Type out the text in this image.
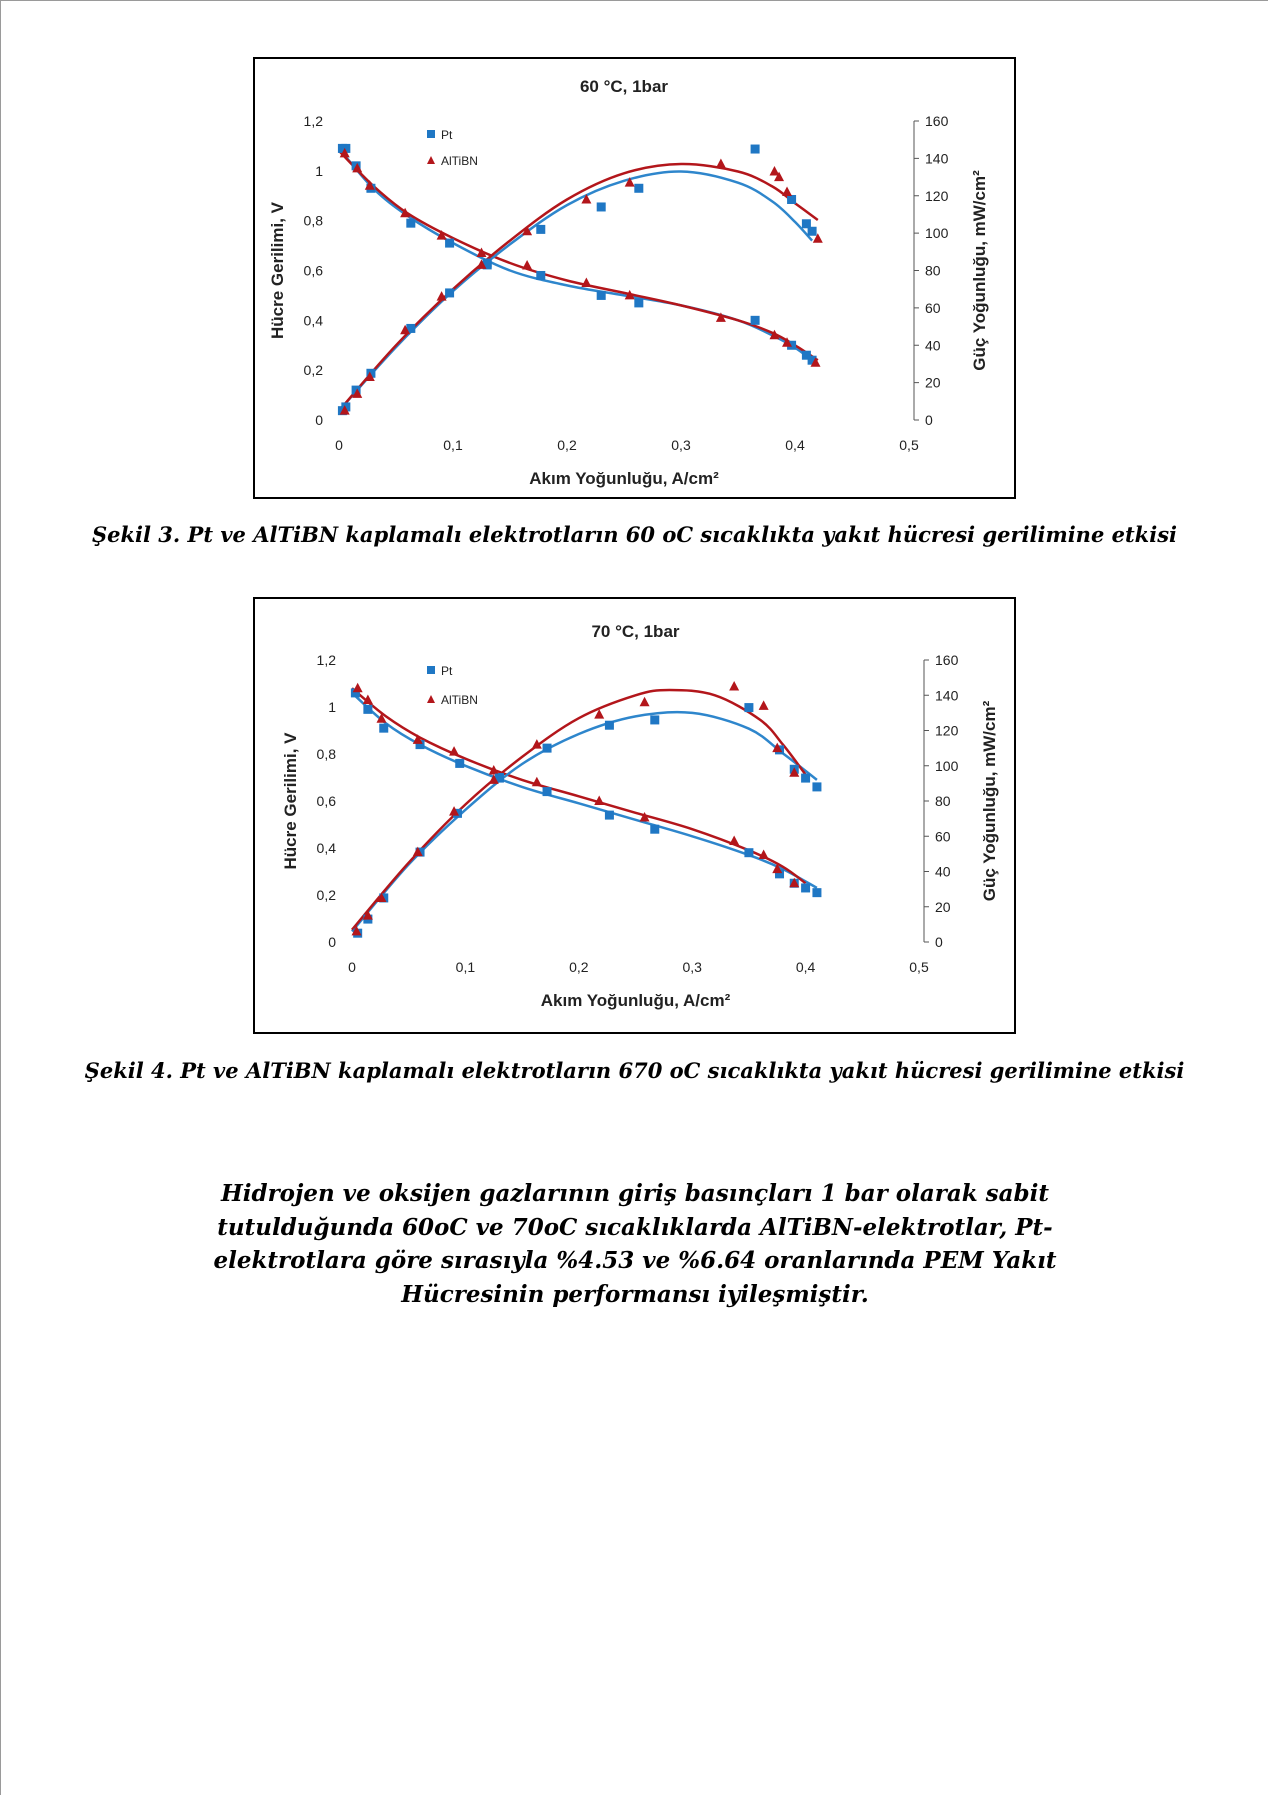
60 °C, 1bar
0	0,1	0,2	0,3	0,4	0,5
0
0,2
0,4
0,6
0,8
1
1,2
0
20
40
60
80
100
120
140
160
Akım Yoğunluğu, A/cm²
Hücre Gerilimi, V	Güç Yoğunluğu, mW/cm²
Pt
AlTiBN
Şekil 3. Pt ve AlTiBN kaplamalı elektrotların 60 oC sıcaklıkta yakıt hücresi gerilimine etkisi
70 °C, 1bar
0	0,1	0,2	0,3	0,4	0,5
0
0,2
0,4
0,6
0,8
1
1,2
0
20
40
60
80
100
120
140
160
Akım Yoğunluğu, A/cm²
Hücre Gerilimi, V	Güç Yoğunluğu, mW/cm²
Pt
AlTiBN
Şekil 4. Pt ve AlTiBN kaplamalı elektrotların 670 oC sıcaklıkta yakıt hücresi gerilimine etkisi
Hidrojen ve oksijen gazlarının giriş basınçları 1 bar olarak sabit
tutulduğunda 60oC ve 70oC sıcaklıklarda AlTiBN-elektrotlar, Pt-
elektrotlara göre sırasıyla %4.53 ve %6.64 oranlarında PEM Yakıt
Hücresinin performansı iyileşmiştir.
